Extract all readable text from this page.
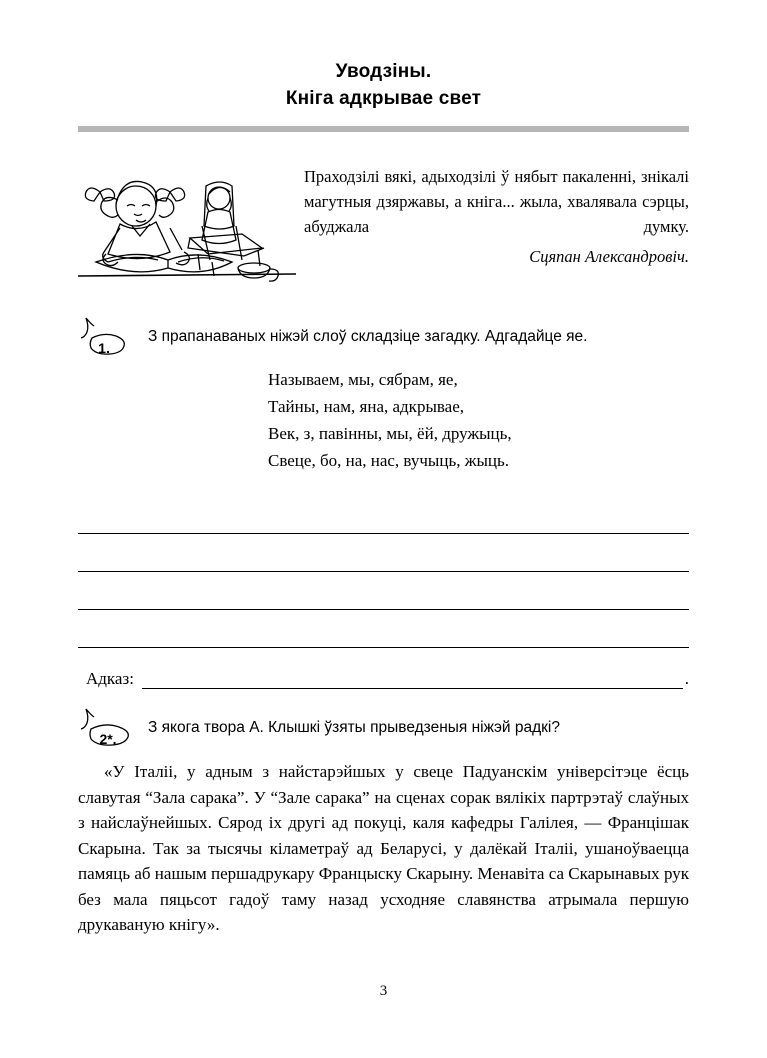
Уводзіны.
Кніга адкрывае свет

Праходзілі вякі, адыходзілі ў нябыт пакаленні, знікалі магутныя дзяржавы, а кніга... жыла, хвалявала сэрцы, абуджала думку.

Сцяпан Александровіч.
1.
З прапанаваных ніжэй слоў складзіце загадку. Адгадайце яе.
Называем, мы, сябрам, яе,
Тайны, нам, яна, адкрывае,
Век, з, павінны, мы, ёй, дружыць,
Свеце, бо, на, нас, вучыць, жыць.
Адказ:	.
2*.
З якога твора А. Клышкі ўзяты прыведзеныя ніжэй радкі?
«У Італіі, у адным з найстарэйшых у свеце Падуанскім універсітэце ёсць славутая “Зала сарака”. У “Зале сарака” на сценах сорак вялікіх партрэтаў слаўных з найслаўнейшых. Сярод іх другі ад покуці, каля кафедры Галілея, — Францішак Скарына. Так за тысячы кіламетраў ад Беларусі, у далёкай Італіі, ушаноўваецца памяць аб нашым першадрукару Францыску Скарыну. Менавіта са Скарынавых рук без мала пяцьсот гадоў таму назад усходняе славянства атрымала першую друкаваную кнігу».
3
